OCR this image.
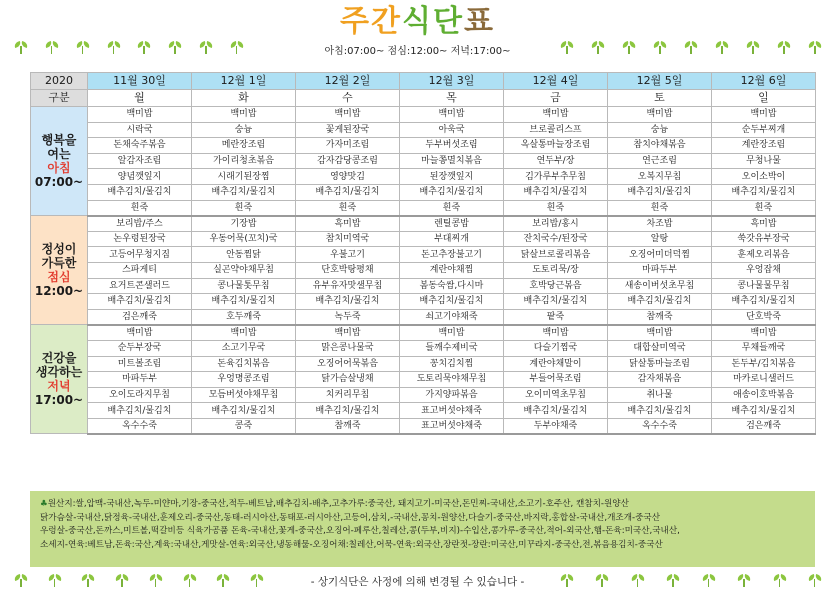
주간식단표
아침:07:00~ 점심:12:00~ 저녁:17:00~
2020	11월 30일	12월 1일	12월 2일	12월 3일	12월 4일	12월 5일	12월 6일
구분	월	화	수	목	금	토	일
행복을
여는
아침
07:00~	백미밥	백미밥	백미밥	백미밥	백미밥	백미밥	백미밥
	시락국	숭늉	꽃게된장국	아욱국	브로콜리스프	숭늉	순두부찌개
	돈채숙주볶음	메란장조림	가자미조림	두부버섯조림	옥살통마늘장조림	참치야채볶음	계란장조림
	알감자조림	가이리청초볶음	감자감당콩조림	마늘쫑멸치볶음	연두부/장	연근조림	무청나물
	양념깻잎지	시래기된장찜	영양맛김	된장깻잎지	김가루부추무침	오복지무침	오이소박이
	배추김치/물김치	배추김치/물김치	배추김치/물김치	배추김치/물김치	배추김치/물김치	배추김치/물김치	배추김치/물김치
	흰죽	흰죽	흰죽	흰죽	흰죽	흰죽	흰죽
정성이
가득한
점심
12:00~	보리밥/주스	기장밥	흑미밥	렌틸콩밥	보리밥/홍시	차조밥	흑미밥
	논우렁된장국	우동어묵(꼬치)국	참치미역국	부대찌개	잔치국수/된장국	알탕	쑥갓유부장국
	고등어무청지짐	안동찜닭	우불고기	돈고추장불고기	닭살브로콜리볶음	오징어미더덕찜	훈제오리볶음
	스파게티	실곤약야채무침	단호박탕평채	계란야채찜	도토리묵/장	마파두부	우엉잡채
	요거트콘샐러드	콩나물톳무침	유부유자맛샐무침	봄동숙쌈,다시마	호박당근볶음	새송이버섯초무침	콩나물물무침
	배추김치/물김치	배추김치/물김치	배추김치/물김치	배추김치/물김치	배추김치/물김치	배추김치/물김치	배추김치/물김치
	검은깨죽	호두깨죽	녹두죽	쇠고기야채죽	팥죽	참깨죽	단호박죽
건강을
생각하는
저녁
17:00~	백미밥	백미밥	백미밥	백미밥	백미밥	백미밥	백미밥
	순두부장국	소고기무국	맑은콩나물국	들깨수제비국	다슬기찜국	대합살미역국	무채들깨국
	미트볼조림	돈육김치볶음	오징어어묵볶음	꽁치김치찜	계란야채말이	닭살통마늘조림	돈두부/김치볶음
	마파두부	우엉명콩조림	닭가슴살냉채	도토리묵야채무침	부들어묵조림	감자채볶음	마카로니샐러드
	오이도라지무침	모듬버섯야채무침	치커리무침	가지양파볶음	오이미역초무침	취나물	애송이호박볶음
	배추김치/물김치	배추김치/물김치	배추김치/물김치	표고버섯야채죽	배추김치/물김치	배추김치/물김치	배추김치/물김치
	옥수수죽	콩죽	참깨죽	표고버섯야채죽	두부야채죽	옥수수죽	검은깨죽
♣원산지:쌀,압맥-국내산,녹두-미얀마,기장-중국산,적두-베트남,배추김치-배추,고추가루:중국산, 돼지고기-미국산,돈민찌-국내산,소고기-호주산, 캔참치-원양산
닭가슴살-국내산,닭정육-국내산,훈제오리-중국산,동태-러시아산,동태포-러시아산,고등어,삼치,-국내산,꽁치-원양산,다슬기-중국산,바지락,홍합살-국내산,개조개-중국산
우렁살-중국산,돈까스,미트볼,떡갈비등 식육가공품 돈육-국내산,꽃게-중국산,오징어-페루산,칠레산,콩(두부,비지)-수입산,콩가루-중국산,적어-외국산,햄-돈육:미국산,국내산,
소세지-연육:베트남,돈육:국산,계육:국내산,게맛살-연육:외국산,냉동해물-오징어채:칠레산,어묵-연육:외국산,장란젓-장란:미국산,미꾸라지-중국산,전,볶음용김치-중국산
- 상기식단은 사정에 의해 변경될 수 있습니다 -
